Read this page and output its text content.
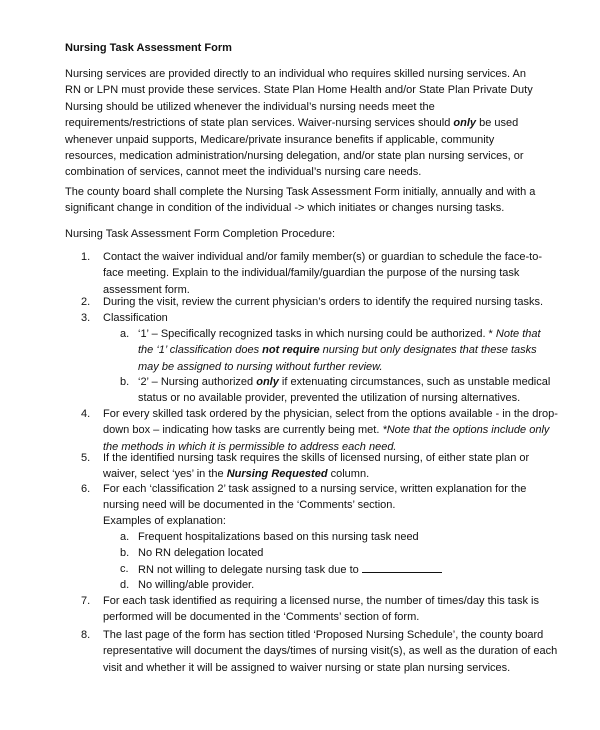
Nursing Task Assessment Form

Nursing services are provided directly to an individual who requires skilled nursing services. An RN or LPN must provide these services. State Plan Home Health and/or State Plan Private Duty Nursing should be utilized whenever the individual’s nursing needs meet the requirements/restrictions of state plan services. Waiver-nursing services should only be used whenever unpaid supports, Medicare/private insurance benefits if applicable, community resources, medication administration/nursing delegation, and/or state plan nursing services, or combination of services, cannot meet the individual’s nursing care needs.

The county board shall complete the Nursing Task Assessment Form initially, annually and with a significant change in condition of the individual -> which initiates or changes nursing tasks.

Nursing Task Assessment Form Completion Procedure:

1.	Contact the waiver individual and/or family member(s) or guardian to schedule the face-to-face meeting. Explain to the individual/family/guardian the purpose of the nursing task assessment form.
2.	During the visit, review the current physician’s orders to identify the required nursing tasks.
3.	Classification
a. ‘1’ – Specifically recognized tasks in which nursing could be authorized. * Note that the ‘1’ classification does not require nursing but only designates that these tasks may be assigned to nursing without further review.
b. ‘2’ – Nursing authorized only if extenuating circumstances, such as unstable medical status or no available provider, prevented the utilization of nursing alternatives.
4.	For every skilled task ordered by the physician, select from the options available - in the drop-down box – indicating how tasks are currently being met. *Note that the options include only the methods in which it is permissible to address each need.
5.	If the identified nursing task requires the skills of licensed nursing, of either state plan or waiver, select ‘yes’ in the Nursing Requested column.
6.	For each ‘classification 2’ task assigned to a nursing service, written explanation for the nursing need will be documented in the ‘Comments’ section.
Examples of explanation:
a. Frequent hospitalizations based on this nursing task need
b. No RN delegation located
c. RN not willing to delegate nursing task due to
d. No willing/able provider.
7.	For each task identified as requiring a licensed nurse, the number of times/day this task is performed will be documented in the ‘Comments’ section of form.
8.	The last page of the form has section titled ‘Proposed Nursing Schedule’, the county board representative will document the days/times of nursing visit(s), as well as the duration of each visit and whether it will be assigned to waiver nursing or state plan nursing services.
